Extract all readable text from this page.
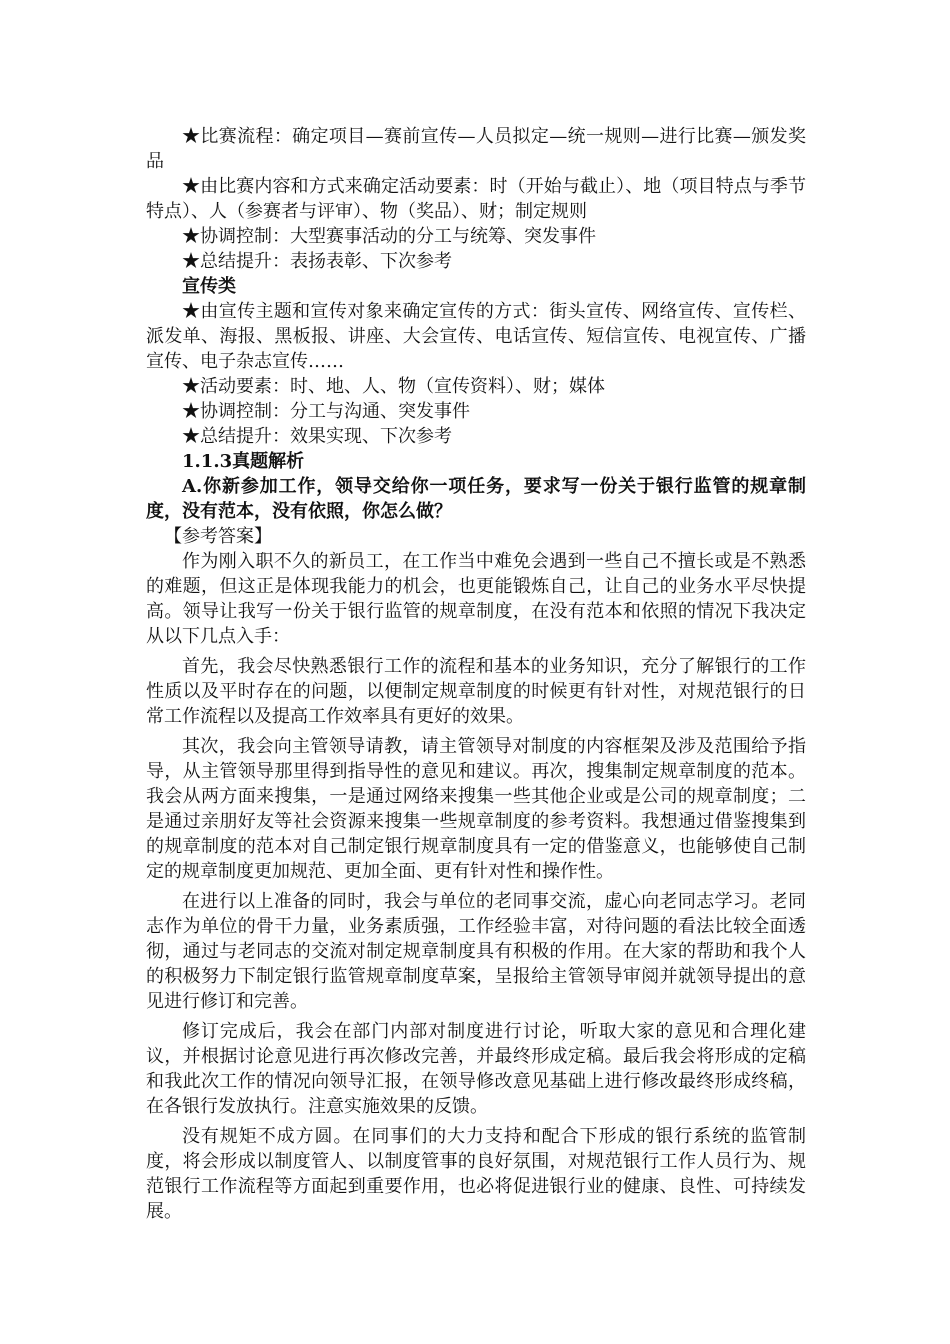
★比赛流程：确定项目—赛前宣传—人员拟定—统一规则—进行比赛—颁发奖品

★由比赛内容和方式来确定活动要素：时（开始与截止）、地（项目特点与季节特点）、人（参赛者与评审）、物（奖品）、财；制定规则

★协调控制：大型赛事活动的分工与统筹、突发事件

★总结提升：表扬表彰、下次参考

宣传类

★由宣传主题和宣传对象来确定宣传的方式：街头宣传、网络宣传、宣传栏、派发单、海报、黑板报、讲座、大会宣传、电话宣传、短信宣传、电视宣传、广播宣传、电子杂志宣传……

★活动要素：时、地、人、物（宣传资料）、财；媒体

★协调控制：分工与沟通、突发事件

★总结提升：效果实现、下次参考

1.1.3真题解析

A.你新参加工作，领导交给你一项任务，要求写一份关于银行监管的规章制度，没有范本，没有依照，你怎么做？

【参考答案】

作为刚入职不久的新员工，在工作当中难免会遇到一些自己不擅长或是不熟悉的难题，但这正是体现我能力的机会，也更能锻炼自己，让自己的业务水平尽快提高。领导让我写一份关于银行监管的规章制度，在没有范本和依照的情况下我决定从以下几点入手：

首先，我会尽快熟悉银行工作的流程和基本的业务知识，充分了解银行的工作性质以及平时存在的问题，以便制定规章制度的时候更有针对性，对规范银行的日常工作流程以及提高工作效率具有更好的效果。

其次，我会向主管领导请教，请主管领导对制度的内容框架及涉及范围给予指导，从主管领导那里得到指导性的意见和建议。再次，搜集制定规章制度的范本。我会从两方面来搜集，一是通过网络来搜集一些其他企业或是公司的规章制度；二是通过亲朋好友等社会资源来搜集一些规章制度的参考资料。我想通过借鉴搜集到的规章制度的范本对自己制定银行规章制度具有一定的借鉴意义，也能够使自己制定的规章制度更加规范、更加全面、更有针对性和操作性。

在进行以上准备的同时，我会与单位的老同事交流，虚心向老同志学习。老同志作为单位的骨干力量，业务素质强，工作经验丰富，对待问题的看法比较全面透彻，通过与老同志的交流对制定规章制度具有积极的作用。在大家的帮助和我个人的积极努力下制定银行监管规章制度草案，呈报给主管领导审阅并就领导提出的意见进行修订和完善。

修订完成后，我会在部门内部对制度进行讨论，听取大家的意见和合理化建议，并根据讨论意见进行再次修改完善，并最终形成定稿。最后我会将形成的定稿和我此次工作的情况向领导汇报，在领导修改意见基础上进行修改最终形成终稿，在各银行发放执行。注意实施效果的反馈。

没有规矩不成方圆。在同事们的大力支持和配合下形成的银行系统的监管制度，将会形成以制度管人、以制度管事的良好氛围，对规范银行工作人员行为、规范银行工作流程等方面起到重要作用，也必将促进银行业的健康、良性、可持续发展。
